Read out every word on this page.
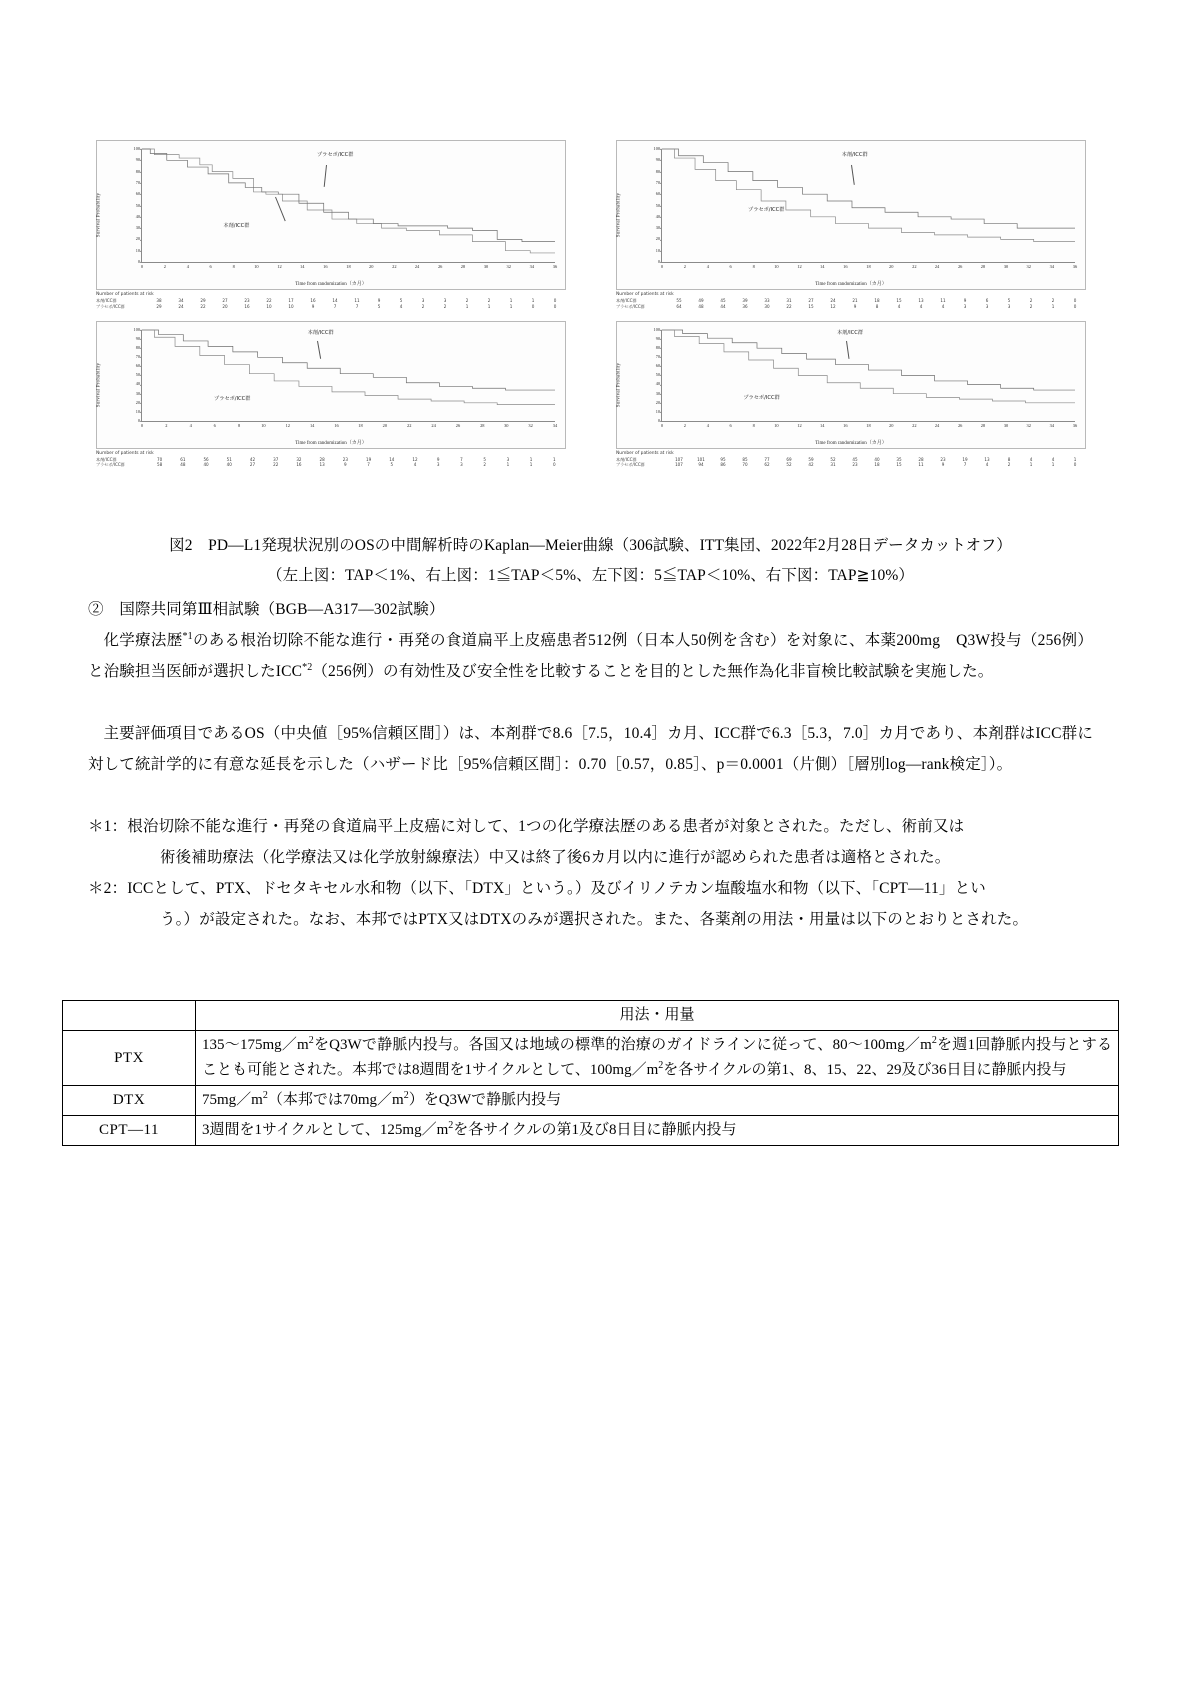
Survival Probability
100
90
80
70
60
50
40
30
20
10
0
0	2	4	6	8	10	12	14	16	18	20	22	24	26	28	30	32	34	36
Time from randomization（カ月）
プラセボ/ICC群
本剤/ICC群
Number of patients at risk
本剤/ICC群	38	34	29	27	23	22	17	16	14	11	9	5	3	3	2	2	1	1	0
プラセボ/ICC群	29	24	22	20	16	10	10	9	7	7	5	4	2	2	1	1	1	0	0
Survival Probability
100
90
80
70
60
50
40
30
20
10
0
0	2	4	6	8	10	12	14	16	18	20	22	24	26	28	30	32	34	36
Time from randomization（カ月）
本剤/ICC群
プラセボ/ICC群
Number of patients at risk
本剤/ICC群	55	49	45	39	33	31	27	24	21	18	15	13	11	9	6	5	2	2	0
プラセボ/ICC群	64	48	44	36	30	22	15	12	9	8	4	4	4	3	3	3	2	1	0
Survival Probability
100
90
80
70
60
50
40
30
20
10
0
0	2	4	6	8	10	12	14	16	18	20	22	24	26	28	30	32	34
Time from randomization（カ月）
本剤/ICC群
プラセボ/ICC群
Number of patients at risk
本剤/ICC群	70	61	56	51	42	37	32	28	23	19	14	12	9	7	5	3	1	1
プラセボ/ICC群	58	48	40	40	27	22	16	13	9	7	5	4	3	3	2	1	1	0
Survival Probability
100
90
80
70
60
50
40
30
20
10
0
0	2	4	6	8	10	12	14	16	18	20	22	24	26	28	30	32	34	36
Time from randomization（カ月）
本剤/ICC群
プラセボ/ICC群
Number of patients at risk
本剤/ICC群	107	101	95	85	77	69	59	52	45	40	35	28	23	19	13	8	4	4	1
プラセボ/ICC群	107	94	86	70	62	52	42	31	23	18	15	11	9	7	4	2	1	1	0
図2　PD―L1発現状況別のOSの中間解析時のKaplan―Meier曲線（306試験、ITT集団、2022年2月28日データカットオフ）
（左上図：TAP＜1%、右上図：1≦TAP＜5%、左下図：5≦TAP＜10%、右下図：TAP≧10%）
②　 国際共同第Ⅲ相試験（BGB―A317―302試験）
化学療法歴$^{*1}$のある根治切除不能な進行・再発の食道扁平上皮癌患者512例（日本人50例を含む）を対象に、本薬200mg　Q3W投与（256例）と治験担当医師が選択したICC$^{*2}$（256例）の有効性及び安全性を比較することを目的とした無作為化非盲検比較試験を実施した。
主要評価項目であるOS（中央値［95%信頼区間］）は、本剤群で8.6［7.5，10.4］カ月、ICC群で6.3［5.3，7.0］カ月であり、本剤群はICC群に対して統計学的に有意な延長を示した（ハザード比［95%信頼区間］：0.70［0.57，0.85］、p＝0.0001（片側）［層別log―rank検定］）。
＊1：根治切除不能な進行・再発の食道扁平上皮癌に対して、1つの化学療法歴のある患者が対象とされた。ただし、術前又は
術後補助療法（化学療法又は化学放射線療法）中又は終了後6カ月以内に進行が認められた患者は適格とされた。
＊2：ICCとして、PTX、ドセタキセル水和物（以下、「DTX」という。）及びイリノテカン塩酸塩水和物（以下、「CPT―11」とい
う。）が設定された。なお、本邦ではPTX又はDTXのみが選択された。また、各薬剤の用法・用量は以下のとおりとされた。
	用法・用量
PTX	$135\sim 175mg/m^2$をQ3Wで静脈内投与。各国又は地域の標準的治療のガイドラインに従って、$80\sim 100mg/m^2$を週1回静脈内投与とすることも可能とされた。本邦では8週間を1サイクルとして、$100mg/m^2$を各サイクルの第1、8、15、22、29及び36日目に静脈内投与
DTX	$75mg/m^2$（本邦では$70mg/m^2$）をQ3Wで静脈内投与
CPT―11	3週間を1サイクルとして、$125mg/m^2$を各サイクルの第1及び8日目に静脈内投与
